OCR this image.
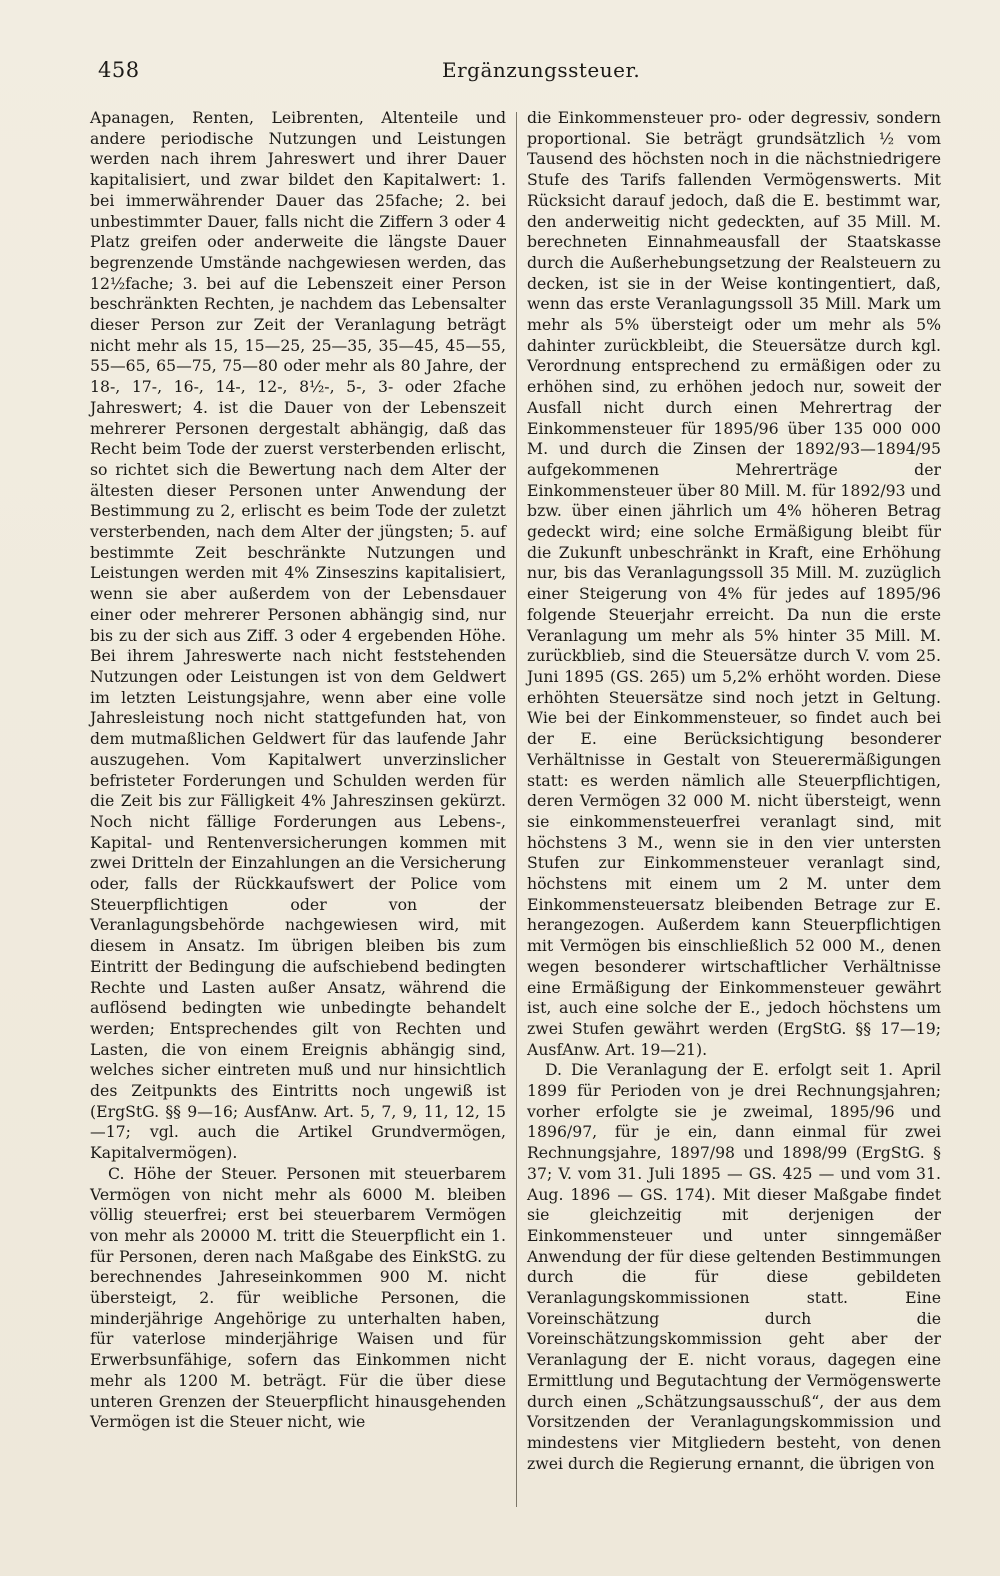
458	Ergänzungssteuer.

Apanagen, Renten, Leibrenten, Altenteile und andere periodische Nutzungen und Leistungen werden nach ihrem Jahreswert und ihrer Dauer kapitalisiert, und zwar bildet den Kapitalwert: 1. bei immerwährender Dauer das 25fache; 2. bei unbestimmter Dauer, falls nicht die Ziffern 3 oder 4 Platz greifen oder anderweite die längste Dauer begrenzende Umstände nachgewiesen werden, das 12½fache; 3. bei auf die Lebenszeit einer Person beschränkten Rechten, je nachdem das Lebensalter dieser Person zur Zeit der Veranlagung beträgt nicht mehr als 15, 15—25, 25—35, 35—45, 45—55, 55—65, 65—75, 75—80 oder mehr als 80 Jahre, der 18-, 17-, 16-, 14-, 12-, 8½-, 5-, 3- oder 2fache Jahreswert; 4. ist die Dauer von der Lebenszeit mehrerer Personen dergestalt abhängig, daß das Recht beim Tode der zuerst versterbenden erlischt, so richtet sich die Bewertung nach dem Alter der ältesten dieser Personen unter Anwendung der Bestimmung zu 2, erlischt es beim Tode der zuletzt versterbenden, nach dem Alter der jüngsten; 5. auf bestimmte Zeit beschränkte Nutzungen und Leistungen werden mit 4% Zinseszins kapitalisiert, wenn sie aber außerdem von der Lebensdauer einer oder mehrerer Personen abhängig sind, nur bis zu der sich aus Ziff. 3 oder 4 ergebenden Höhe. Bei ihrem Jahreswerte nach nicht feststehenden Nutzungen oder Leistungen ist von dem Geldwert im letzten Leistungsjahre, wenn aber eine volle Jahresleistung noch nicht stattgefunden hat, von dem mutmaßlichen Geldwert für das laufende Jahr auszugehen. Vom Kapitalwert unverzinslicher befristeter Forderungen und Schulden werden für die Zeit bis zur Fälligkeit 4% Jahreszinsen gekürzt. Noch nicht fällige Forderungen aus Lebens-, Kapital- und Rentenversicherungen kommen mit zwei Dritteln der Einzahlungen an die Versicherung oder, falls der Rückkaufswert der Police vom Steuerpflichtigen oder von der Veranlagungsbehörde nachgewiesen wird, mit diesem in Ansatz. Im übrigen bleiben bis zum Eintritt der Bedingung die aufschiebend bedingten Rechte und Lasten außer Ansatz, während die auflösend bedingten wie unbedingte behandelt werden; Entsprechendes gilt von Rechten und Lasten, die von einem Ereignis abhängig sind, welches sicher eintreten muß und nur hinsichtlich des Zeitpunkts des Eintritts noch ungewiß ist (ErgStG. §§ 9—16; AusfAnw. Art. 5, 7, 9, 11, 12, 15—17; vgl. auch die Artikel Grundvermögen, Kapitalvermögen).

C. Höhe der Steuer. Personen mit steuerbarem Vermögen von nicht mehr als 6000 M. bleiben völlig steuerfrei; erst bei steuerbarem Vermögen von mehr als 20000 M. tritt die Steuerpflicht ein 1. für Personen, deren nach Maßgabe des EinkStG. zu berechnendes Jahreseinkommen 900 M. nicht übersteigt, 2. für weibliche Personen, die minderjährige Angehörige zu unterhalten haben, für vaterlose minderjährige Waisen und für Erwerbsunfähige, sofern das Einkommen nicht mehr als 1200 M. beträgt. Für die über diese unteren Grenzen der Steuerpflicht hinausgehenden Vermögen ist die Steuer nicht, wie

die Einkommensteuer pro- oder degressiv, sondern proportional. Sie beträgt grundsätzlich ½ vom Tausend des höchsten noch in die nächstniedrigere Stufe des Tarifs fallenden Vermögenswerts. Mit Rücksicht darauf jedoch, daß die E. bestimmt war, den anderweitig nicht gedeckten, auf 35 Mill. M. berechneten Einnahmeausfall der Staatskasse durch die Außerhebungsetzung der Realsteuern zu decken, ist sie in der Weise kontingentiert, daß, wenn das erste Veranlagungssoll 35 Mill. Mark um mehr als 5% übersteigt oder um mehr als 5% dahinter zurückbleibt, die Steuersätze durch kgl. Verordnung entsprechend zu ermäßigen oder zu erhöhen sind, zu erhöhen jedoch nur, soweit der Ausfall nicht durch einen Mehrertrag der Einkommensteuer für 1895/96 über 135 000 000 M. und durch die Zinsen der 1892/93—1894/95 aufgekommenen Mehrerträge der Einkommensteuer über 80 Mill. M. für 1892/93 und bzw. über einen jährlich um 4% höheren Betrag gedeckt wird; eine solche Ermäßigung bleibt für die Zukunft unbeschränkt in Kraft, eine Erhöhung nur, bis das Veranlagungssoll 35 Mill. M. zuzüglich einer Steigerung von 4% für jedes auf 1895/96 folgende Steuerjahr erreicht. Da nun die erste Veranlagung um mehr als 5% hinter 35 Mill. M. zurückblieb, sind die Steuersätze durch V. vom 25. Juni 1895 (GS. 265) um 5,2% erhöht worden. Diese erhöhten Steuersätze sind noch jetzt in Geltung. Wie bei der Einkommensteuer, so findet auch bei der E. eine Berücksichtigung besonderer Verhältnisse in Gestalt von Steuerermäßigungen statt: es werden nämlich alle Steuerpflichtigen, deren Vermögen 32 000 M. nicht übersteigt, wenn sie einkommensteuerfrei veranlagt sind, mit höchstens 3 M., wenn sie in den vier untersten Stufen zur Einkommensteuer veranlagt sind, höchstens mit einem um 2 M. unter dem Einkommensteuersatz bleibenden Betrage zur E. herangezogen. Außerdem kann Steuerpflichtigen mit Vermögen bis einschließlich 52 000 M., denen wegen besonderer wirtschaftlicher Verhältnisse eine Ermäßigung der Einkommensteuer gewährt ist, auch eine solche der E., jedoch höchstens um zwei Stufen gewährt werden (ErgStG. §§ 17—19; AusfAnw. Art. 19—21).

D. Die Veranlagung der E. erfolgt seit 1. April 1899 für Perioden von je drei Rechnungsjahren; vorher erfolgte sie je zweimal, 1895/96 und 1896/97, für je ein, dann einmal für zwei Rechnungsjahre, 1897/98 und 1898/99 (ErgStG. § 37; V. vom 31. Juli 1895 — GS. 425 — und vom 31. Aug. 1896 — GS. 174). Mit dieser Maßgabe findet sie gleichzeitig mit derjenigen der Einkommensteuer und unter sinngemäßer Anwendung der für diese geltenden Bestimmungen durch die für diese gebildeten Veranlagungskommissionen statt. Eine Voreinschätzung durch die Voreinschätzungskommission geht aber der Veranlagung der E. nicht voraus, dagegen eine Ermittlung und Begutachtung der Vermögenswerte durch einen „Schätzungsausschuß“, der aus dem Vorsitzenden der Veranlagungskommission und mindestens vier Mitgliedern besteht, von denen zwei durch die Regierung ernannt, die übrigen von
